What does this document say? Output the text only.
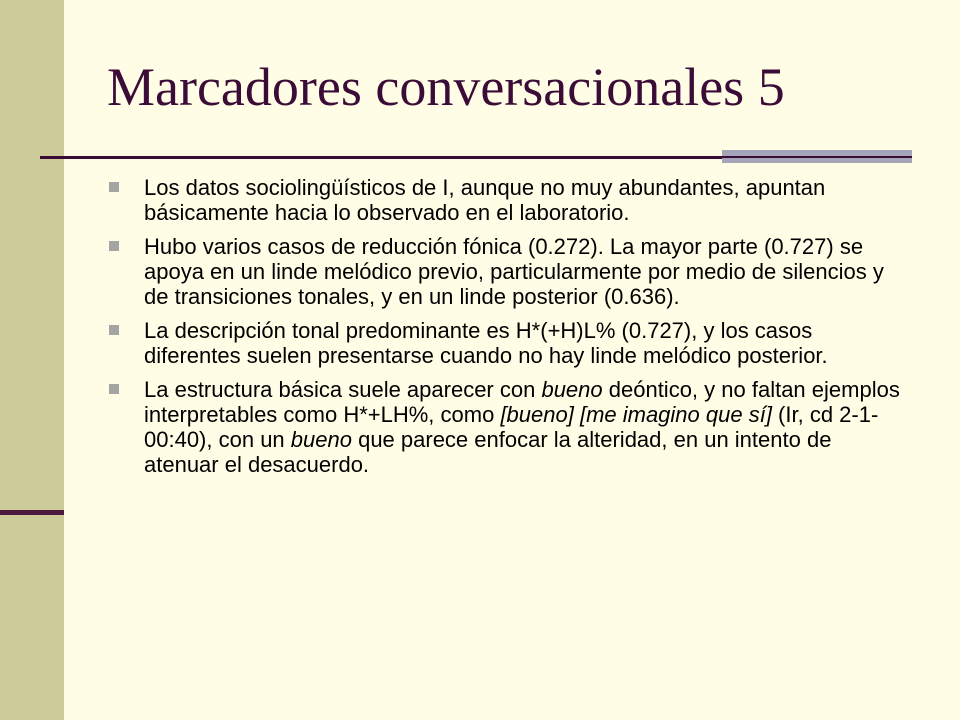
Marcadores conversacionales 5
Los datos sociolingüísticos de I, aunque no muy abundantes, apuntan básicamente hacia lo observado en el laboratorio.
Hubo varios casos de reducción fónica (0.272). La mayor parte (0.727) se apoya en un linde melódico previo, particularmente por medio de silencios y de transiciones tonales, y en un linde posterior (0.636).
La descripción tonal predominante es H*(+H)L% (0.727), y los casos diferentes suelen presentarse cuando no hay linde melódico posterior.
La estructura básica suele aparecer con bueno deóntico, y no faltan ejemplos interpretables como H*+LH%, como [bueno] [me imagino que sí] (Ir, cd 2-1-00:40), con un bueno que parece enfocar la alteridad, en un intento de atenuar el desacuerdo.
